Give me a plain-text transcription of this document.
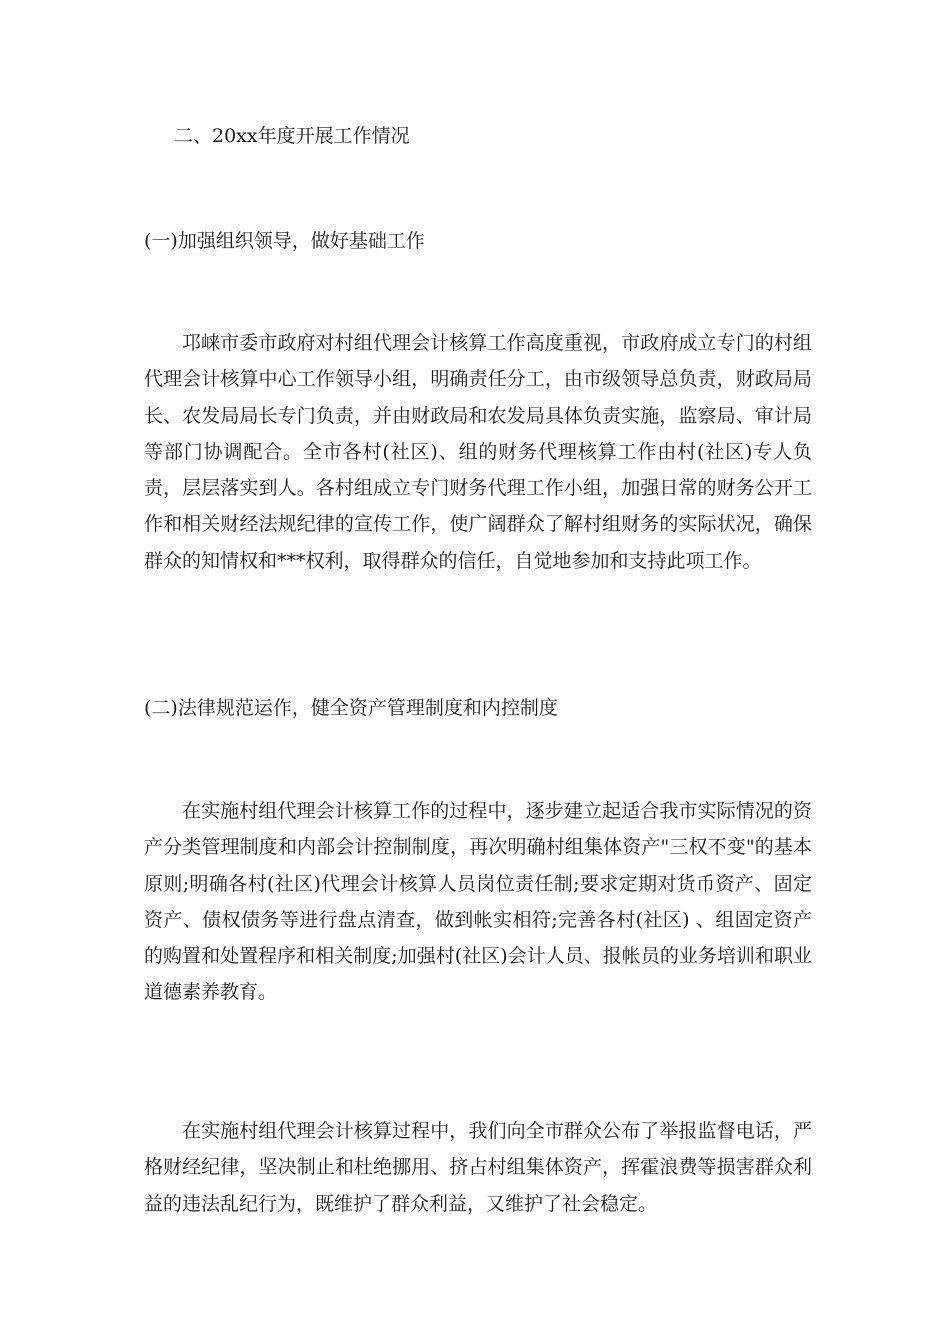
二、20xx年度开展工作情况
(一)加强组织领导，做好基础工作
邛崃市委市政府对村组代理会计核算工作高度重视，市政府成立专门的村组代理会计核算中心工作领导小组，明确责任分工，由市级领导总负责，财政局局长、农发局局长专门负责，并由财政局和农发局具体负责实施，监察局、审计局等部门协调配合。全市各村(社区)、组的财务代理核算工作由村(社区)专人负责，层层落实到人。各村组成立专门财务代理工作小组，加强日常的财务公开工作和相关财经法规纪律的宣传工作，使广阔群众了解村组财务的实际状况，确保群众的知情权和***权利，取得群众的信任，自觉地参加和支持此项工作。
(二)法律规范运作，健全资产管理制度和内控制度
在实施村组代理会计核算工作的过程中，逐步建立起适合我市实际情况的资产分类管理制度和内部会计控制制度，再次明确村组集体资产"三权不变"的基本原则;明确各村(社区)代理会计核算人员岗位责任制;要求定期对货币资产、固定资产、债权债务等进行盘点清查，做到帐实相符;完善各村(社区) 、组固定资产的购置和处置程序和相关制度;加强村(社区)会计人员、报帐员的业务培训和职业道德素养教育。
在实施村组代理会计核算过程中，我们向全市群众公布了举报监督电话，严格财经纪律，坚决制止和杜绝挪用、挤占村组集体资产，挥霍浪费等损害群众利益的违法乱纪行为，既维护了群众利益，又维护了社会稳定。
